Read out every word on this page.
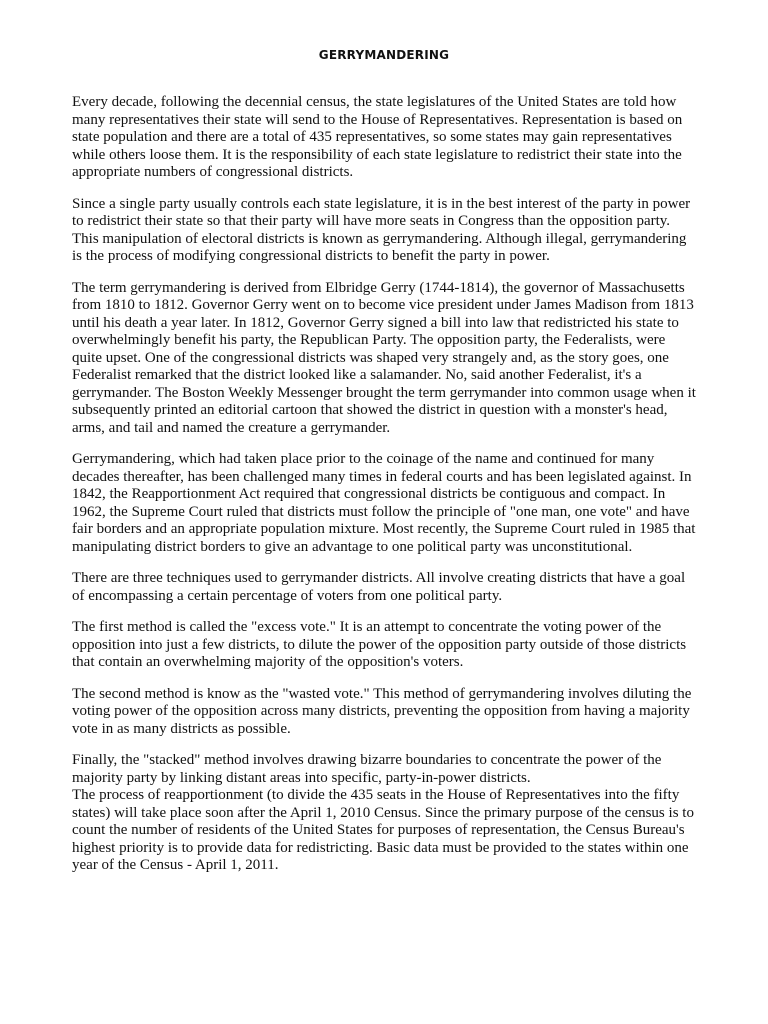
GERRYMANDERING

Every decade, following the decennial census, the state legislatures of the United States are told how many representatives their state will send to the House of Representatives. Representation is based on state population and there are a total of 435 representatives, so some states may gain representatives while others loose them. It is the responsibility of each state legislature to redistrict their state into the appropriate numbers of congressional districts.

Since a single party usually controls each state legislature, it is in the best interest of the party in power to redistrict their state so that their party will have more seats in Congress than the opposition party. This manipulation of electoral districts is known as gerrymandering. Although illegal, gerrymandering is the process of modifying congressional districts to benefit the party in power.

The term gerrymandering is derived from Elbridge Gerry (1744-1814), the governor of Massachusetts from 1810 to 1812. Governor Gerry went on to become vice president under James Madison from 1813 until his death a year later. In 1812, Governor Gerry signed a bill into law that redistricted his state to overwhelmingly benefit his party, the Republican Party. The opposition party, the Federalists, were quite upset. One of the congressional districts was shaped very strangely and, as the story goes, one Federalist remarked that the district looked like a salamander. No, said another Federalist, it's a gerrymander. The Boston Weekly Messenger brought the term gerrymander into common usage when it subsequently printed an editorial cartoon that showed the district in question with a monster's head, arms, and tail and named the creature a gerrymander.

Gerrymandering, which had taken place prior to the coinage of the name and continued for many decades thereafter, has been challenged many times in federal courts and has been legislated against. In 1842, the Reapportionment Act required that congressional districts be contiguous and compact. In 1962, the Supreme Court ruled that districts must follow the principle of "one man, one vote" and have fair borders and an appropriate population mixture. Most recently, the Supreme Court ruled in 1985 that manipulating district borders to give an advantage to one political party was unconstitutional.

There are three techniques used to gerrymander districts. All involve creating districts that have a goal of encompassing a certain percentage of voters from one political party.

The first method is called the "excess vote." It is an attempt to concentrate the voting power of the opposition into just a few districts, to dilute the power of the opposition party outside of those districts that contain an overwhelming majority of the opposition's voters.

The second method is know as the "wasted vote." This method of gerrymandering involves diluting the voting power of the opposition across many districts, preventing the opposition from having a majority vote in as many districts as possible.

Finally, the "stacked" method involves drawing bizarre boundaries to concentrate the power of the majority party by linking distant areas into specific, party-in-power districts.

The process of reapportionment (to divide the 435 seats in the House of Representatives into the fifty states) will take place soon after the April 1, 2010 Census. Since the primary purpose of the census is to count the number of residents of the United States for purposes of representation, the Census Bureau's highest priority is to provide data for redistricting. Basic data must be provided to the states within one year of the Census - April 1, 2011.
